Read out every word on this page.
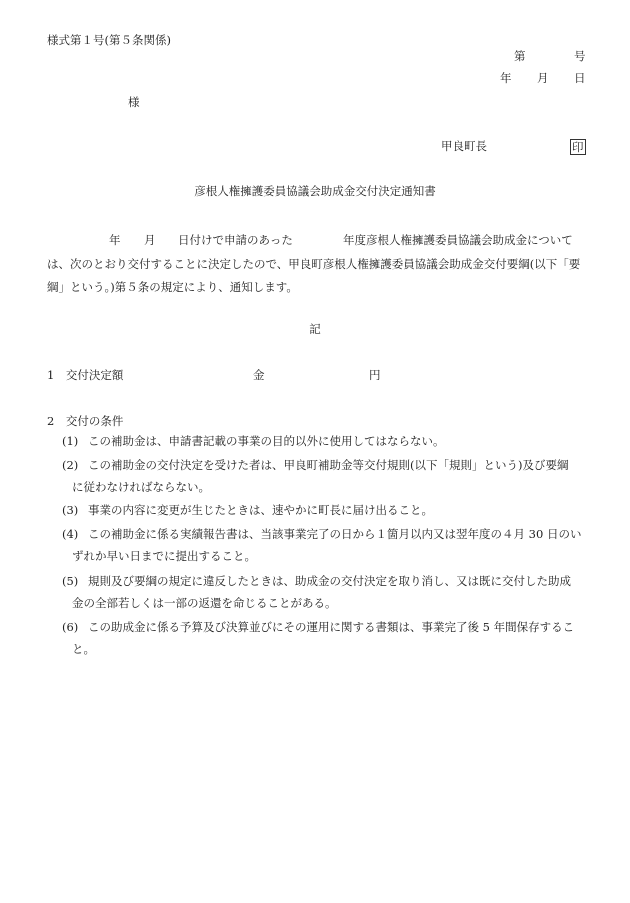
様式第１号(第５条関係)
第	号
年 月 日
様
甲良町長	印
彦根人権擁護委員協議会助成金交付決定通知書
年 月 日付けで申請のあった	年度彦根人権擁護委員協議会助成金について
は、次のとおり交付することに決定したので、甲良町彦根人権擁護委員協議会助成金交付要綱(以下「要
綱」という。)第５条の規定により、通知します。
記
1　交付決定額	金	円
2　交付の条件
(1) この補助金は、申請書記載の事業の目的以外に使用してはならない。
(2) この補助金の交付決定を受けた者は、甲良町補助金等交付規則(以下「規則」という)及び要綱
に従わなければならない。
(3) 事業の内容に変更が生じたときは、速やかに町長に届け出ること。
(4) この補助金に係る実績報告書は、当該事業完了の日から１箇月以内又は翌年度の４月 30 日のい
ずれか早い日までに提出すること。
(5) 規則及び要綱の規定に違反したときは、助成金の交付決定を取り消し、又は既に交付した助成
金の全部若しくは一部の返還を命じることがある。
(6) この助成金に係る予算及び決算並びにその運用に関する書類は、事業完了後 5 年間保存するこ
と。
